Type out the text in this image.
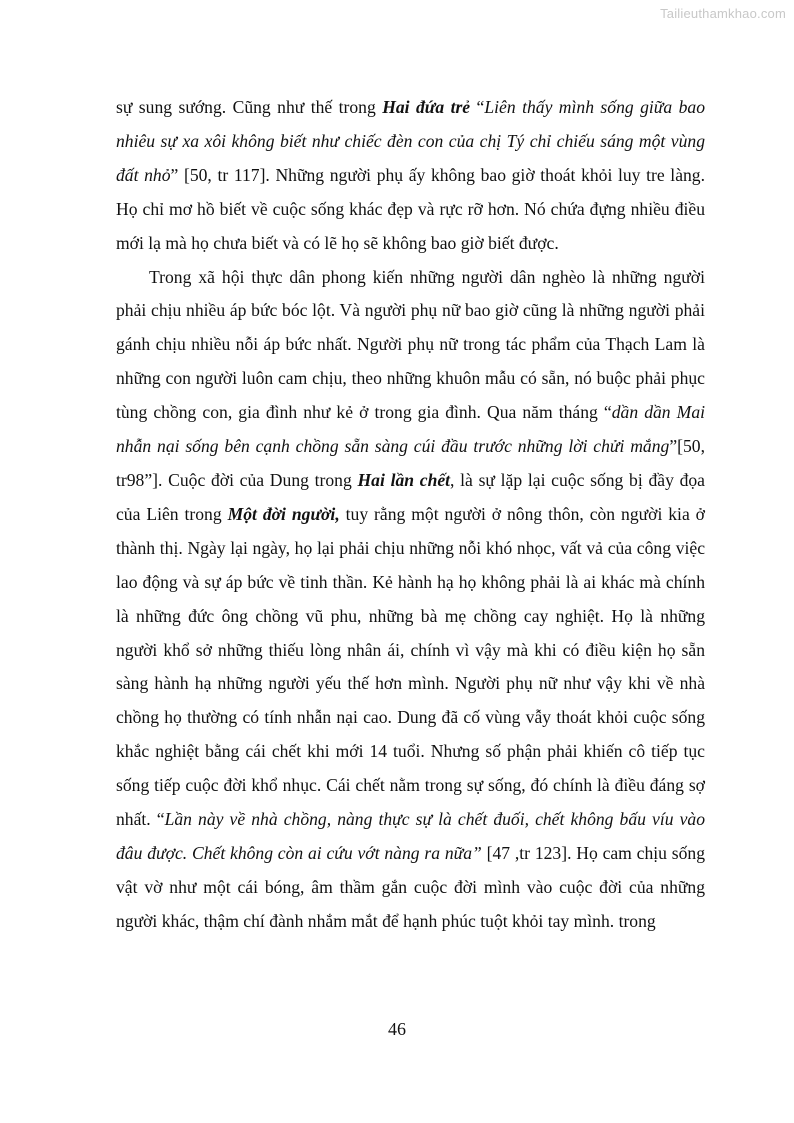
Tailieuthamkhao.com

sự sung sướng. Cũng như thế trong Hai đứa trẻ “Liên thấy mình sống giữa bao nhiêu sự xa xôi không biết như chiếc đèn con của chị Tý chỉ chiếu sáng một vùng đất nhỏ” [50, tr 117]. Những người phụ ấy không bao giờ thoát khỏi luy tre làng. Họ chỉ mơ hồ biết về cuộc sống khác đẹp và rực rỡ hơn. Nó chứa đựng nhiều điều mới lạ mà họ chưa biết và có lẽ họ sẽ không bao giờ biết được.

Trong xã hội thực dân phong kiến những người dân nghèo là những người phải chịu nhiều áp bức bóc lột. Và người phụ nữ bao giờ cũng là những người phải gánh chịu nhiều nỗi áp bức nhất. Người phụ nữ trong tác phẩm của Thạch Lam là những con người luôn cam chịu, theo những khuôn mẫu có sẵn, nó buộc phải phục tùng chồng con, gia đình như kẻ ở trong gia đình. Qua năm tháng “dần dần Mai nhẫn nại sống bên cạnh chồng sẵn sàng cúi đầu trước những lời chửi mắng”[50, tr98”]. Cuộc đời của Dung trong Hai lần chết, là sự lặp lại cuộc sống bị đầy đọa của Liên trong Một đời người, tuy rằng một người ở nông thôn, còn người kia ở thành thị. Ngày lại ngày, họ lại phải chịu những nỗi khó nhọc, vất vả của công việc lao động và sự áp bức về tinh thần. Kẻ hành hạ họ không phải là ai khác mà chính là những đức ông chồng vũ phu, những bà mẹ chồng cay nghiệt. Họ là những người khổ sở những thiếu lòng nhân ái, chính vì vậy mà khi có điều kiện họ sẵn sàng hành hạ những người yếu thế hơn mình. Người phụ nữ như vậy khi về nhà chồng họ thường có tính nhẫn nại cao. Dung đã cố vùng vẫy thoát khỏi cuộc sống khắc nghiệt bằng cái chết khi mới 14 tuổi. Nhưng số phận phải khiến cô tiếp tục sống tiếp cuộc đời khổ nhục. Cái chết nằm trong sự sống, đó chính là điều đáng sợ nhất. “Lần này về nhà chồng, nàng thực sự là chết đuối, chết không bấu víu vào đâu được. Chết không còn ai cứu vớt nàng ra nữa” [47 ,tr 123]. Họ cam chịu sống vật vờ như một cái bóng, âm thầm gắn cuộc đời mình vào cuộc đời của những người khác, thậm chí đành nhắm mắt để hạnh phúc tuột khỏi tay mình. trong

46
